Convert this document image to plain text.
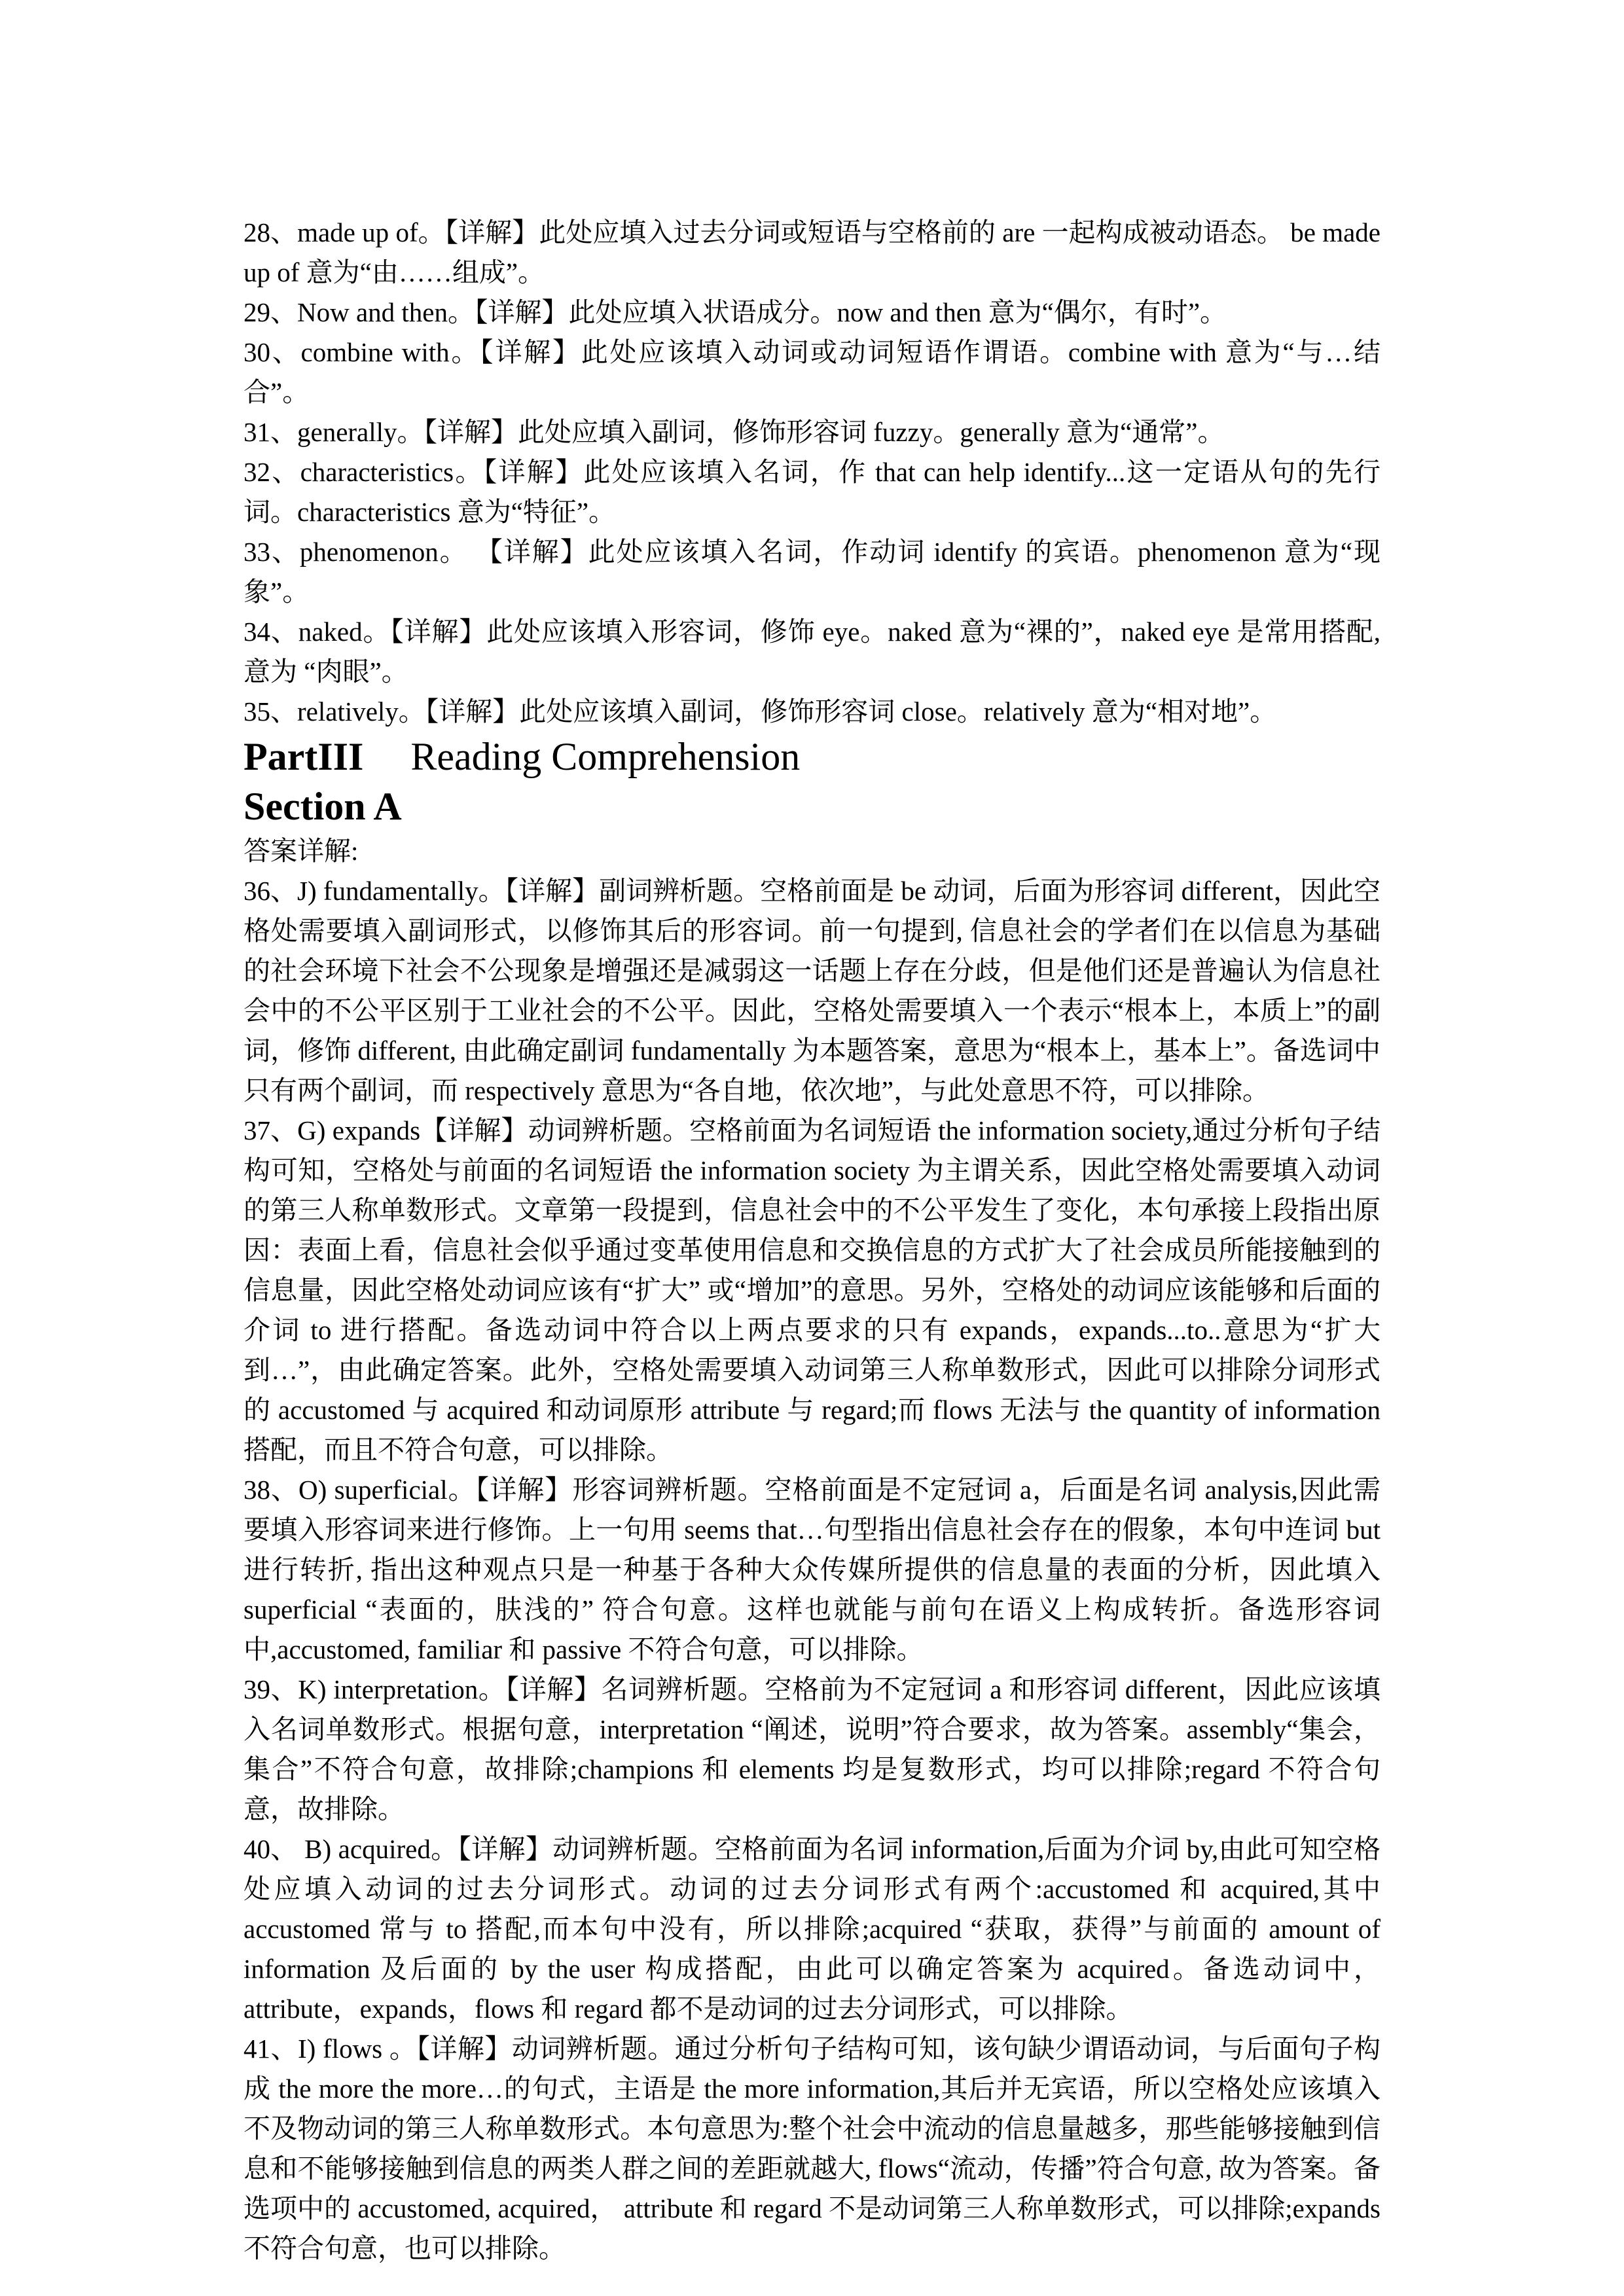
28、made up of。【详解】此处应填入过去分词或短语与空格前的 are 一起构成被动语态。 be made up of 意为“由……组成”。

29、Now and then。【详解】此处应填入状语成分。now and then 意为“偶尔，有时”。

30、combine with。【详解】此处应该填入动词或动词短语作谓语。combine with 意为“与…结合”。

31、generally。【详解】此处应填入副词，修饰形容词 fuzzy。generally 意为“通常”。

32、characteristics。【详解】此处应该填入名词，作 that can help identify...这一定语从句的先行词。characteristics 意为“特征”。

33、phenomenon。 【详解】此处应该填入名词，作动词 identify 的宾语。phenomenon 意为“现象”。

34、naked。【详解】此处应该填入形容词，修饰 eye。naked 意为“裸的”，naked eye 是常用搭配, 意为 “肉眼”。

35、relatively。【详解】此处应该填入副词，修饰形容词 close。relatively 意为“相对地”。

PartIII Reading Comprehension
Section A

答案详解:

36、J) fundamentally。【详解】副词辨析题。空格前面是 be 动词，后面为形容词 different，因此空格处需要填入副词形式，以修饰其后的形容词。前一句提到, 信息社会的学者们在以信息为基础的社会环境下社会不公现象是增强还是减弱这一话题上存在分歧，但是他们还是普遍认为信息社会中的不公平区别于工业社会的不公平。因此，空格处需要填入一个表示“根本上，本质上”的副词，修饰 different, 由此确定副词 fundamentally 为本题答案，意思为“根本上，基本上”。备选词中只有两个副词，而 respectively 意思为“各自地，依次地”，与此处意思不符，可以排除。

37、G) expands【详解】动词辨析题。空格前面为名词短语 the information society,通过分析句子结构可知，空格处与前面的名词短语 the information society 为主谓关系，因此空格处需要填入动词的第三人称单数形式。文章第一段提到，信息社会中的不公平发生了变化，本句承接上段指出原因：表面上看，信息社会似乎通过变革使用信息和交换信息的方式扩大了社会成员所能接触到的信息量，因此空格处动词应该有“扩大” 或“增加”的意思。另外，空格处的动词应该能够和后面的介词 to 进行搭配。备选动词中符合以上两点要求的只有 expands，expands...to..意思为“扩大到…”，由此确定答案。此外，空格处需要填入动词第三人称单数形式，因此可以排除分词形式的 accustomed 与 acquired 和动词原形 attribute 与 regard;而 flows 无法与 the quantity of information 搭配，而且不符合句意，可以排除。

38、O) superficial。【详解】形容词辨析题。空格前面是不定冠词 a，后面是名词 analysis,因此需要填入形容词来进行修饰。上一句用 seems that…句型指出信息社会存在的假象，本句中连词 but 进行转折, 指出这种观点只是一种基于各种大众传媒所提供的信息量的表面的分析，因此填入 superficial “表面的，肤浅的” 符合句意。这样也就能与前句在语义上构成转折。备选形容词中,accustomed, familiar 和 passive 不符合句意，可以排除。

39、K) interpretation。【详解】名词辨析题。空格前为不定冠词 a 和形容词 different，因此应该填入名词单数形式。根据句意，interpretation “阐述，说明”符合要求，故为答案。assembly“集会，集合”不符合句意，故排除;champions 和 elements 均是复数形式，均可以排除;regard 不符合句意，故排除。

40、 B) acquired。【详解】动词辨析题。空格前面为名词 information,后面为介词 by,由此可知空格处应填入动词的过去分词形式。动词的过去分词形式有两个:accustomed 和 acquired,其中 accustomed 常与 to 搭配,而本句中没有，所以排除;acquired “获取，获得”与前面的 amount of information 及后面的 by the user 构成搭配，由此可以确定答案为 acquired。备选动词中，attribute，expands，flows 和 regard 都不是动词的过去分词形式，可以排除。

41、I) flows 。【详解】动词辨析题。通过分析句子结构可知，该句缺少谓语动词，与后面句子构成 the more the more…的句式，主语是 the more information,其后并无宾语，所以空格处应该填入不及物动词的第三人称单数形式。本句意思为:整个社会中流动的信息量越多，那些能够接触到信息和不能够接触到信息的两类人群之间的差距就越大, flows“流动，传播”符合句意, 故为答案。备选项中的 accustomed, acquired， attribute 和 regard 不是动词第三人称单数形式，可以排除;expands 不符合句意，也可以排除。
